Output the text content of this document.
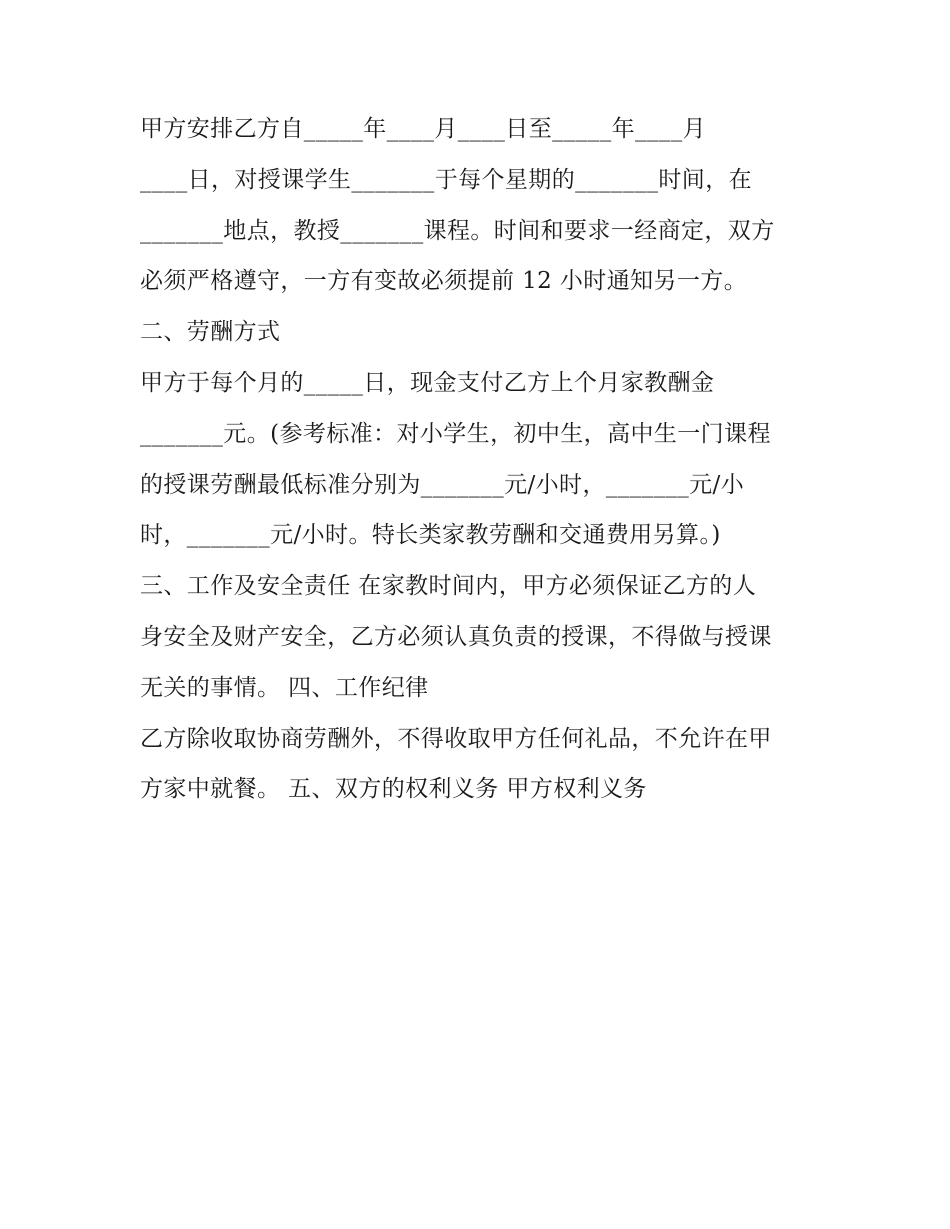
甲方安排乙方自_____年____月____日至_____年____月
____日，对授课学生_______于每个星期的_______时间，在
_______地点，教授_______课程。时间和要求一经商定，双方
必须严格遵守，一方有变故必须提前 12 小时通知另一方。
二、劳酬方式
甲方于每个月的_____日，现金支付乙方上个月家教酬金
_______元。(参考标准：对小学生，初中生，高中生一门课程
的授课劳酬最低标准分别为_______元/小时，_______元/小
时，_______元/小时。特长类家教劳酬和交通费用另算。)
三、工作及安全责任 在家教时间内，甲方必须保证乙方的人
身安全及财产安全，乙方必须认真负责的授课，不得做与授课
无关的事情。 四、工作纪律
乙方除收取协商劳酬外，不得收取甲方任何礼品，不允许在甲
方家中就餐。 五、双方的权利义务 甲方权利义务
